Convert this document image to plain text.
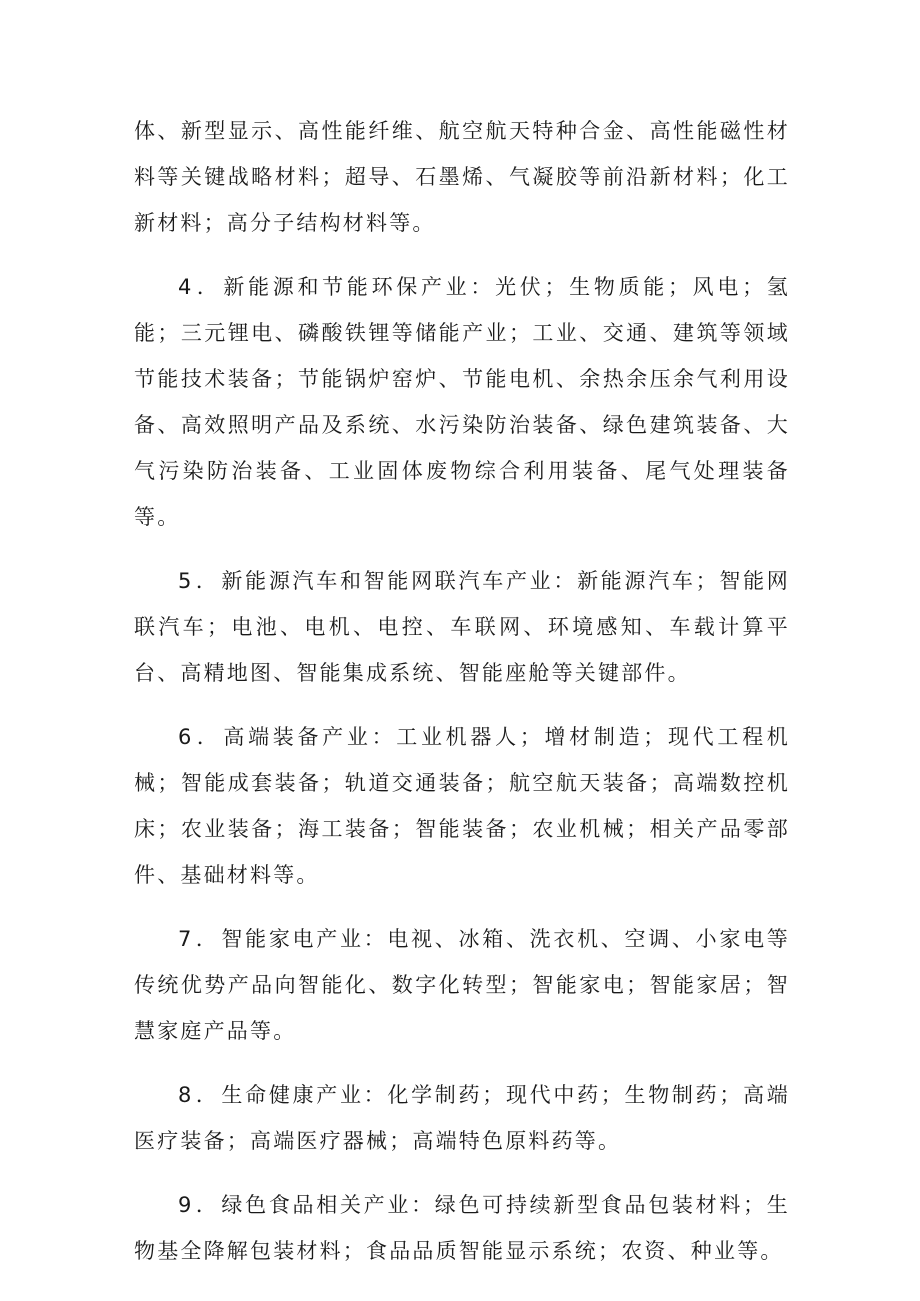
体、新型显示、高性能纤维、航空航天特种合金、高性能磁性材料等关键战略材料；超导、石墨烯、气凝胶等前沿新材料；化工新材料；高分子结构材料等。

4．新能源和节能环保产业：光伏；生物质能；风电；氢能；三元锂电、磷酸铁锂等储能产业；工业、交通、建筑等领域节能技术装备；节能锅炉窑炉、节能电机、余热余压余气利用设备、高效照明产品及系统、水污染防治装备、绿色建筑装备、大气污染防治装备、工业固体废物综合利用装备、尾气处理装备等。

5．新能源汽车和智能网联汽车产业：新能源汽车；智能网联汽车；电池、电机、电控、车联网、环境感知、车载计算平台、高精地图、智能集成系统、智能座舱等关键部件。

6．高端装备产业：工业机器人；增材制造；现代工程机械；智能成套装备；轨道交通装备；航空航天装备；高端数控机床；农业装备；海工装备；智能装备；农业机械；相关产品零部件、基础材料等。

7．智能家电产业：电视、冰箱、洗衣机、空调、小家电等传统优势产品向智能化、数字化转型；智能家电；智能家居；智慧家庭产品等。

8．生命健康产业：化学制药；现代中药；生物制药；高端医疗装备；高端医疗器械；高端特色原料药等。

9．绿色食品相关产业：绿色可持续新型食品包装材料；生物基全降解包装材料；食品品质智能显示系统；农资、种业等。
